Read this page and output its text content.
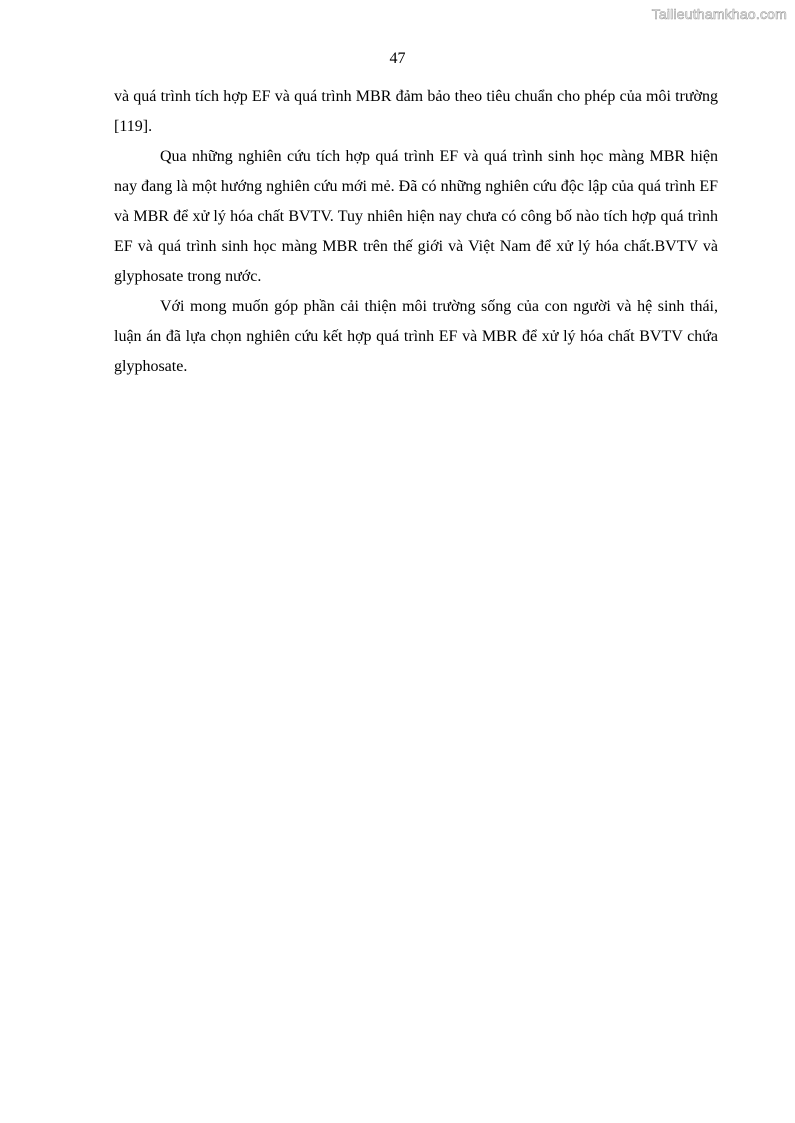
Tailieuthamkhao.com
47

và quá trình tích hợp EF và quá trình MBR đảm bảo theo tiêu chuẩn cho phép của môi trường [119].

Qua những nghiên cứu tích hợp quá trình EF và quá trình sinh học màng MBR hiện nay đang là một hướng nghiên cứu mới mẻ. Đã có những nghiên cứu độc lập của quá trình EF và MBR để xử lý hóa chất BVTV. Tuy nhiên hiện nay chưa có công bố nào tích hợp quá trình EF và quá trình sinh học màng MBR trên thế giới và Việt Nam để xử lý hóa chất.BVTV và glyphosate trong nước.

Với mong muốn góp phần cải thiện môi trường sống của con người và hệ sinh thái, luận án đã lựa chọn nghiên cứu kết hợp quá trình EF và MBR để xử lý hóa chất BVTV chứa glyphosate.
